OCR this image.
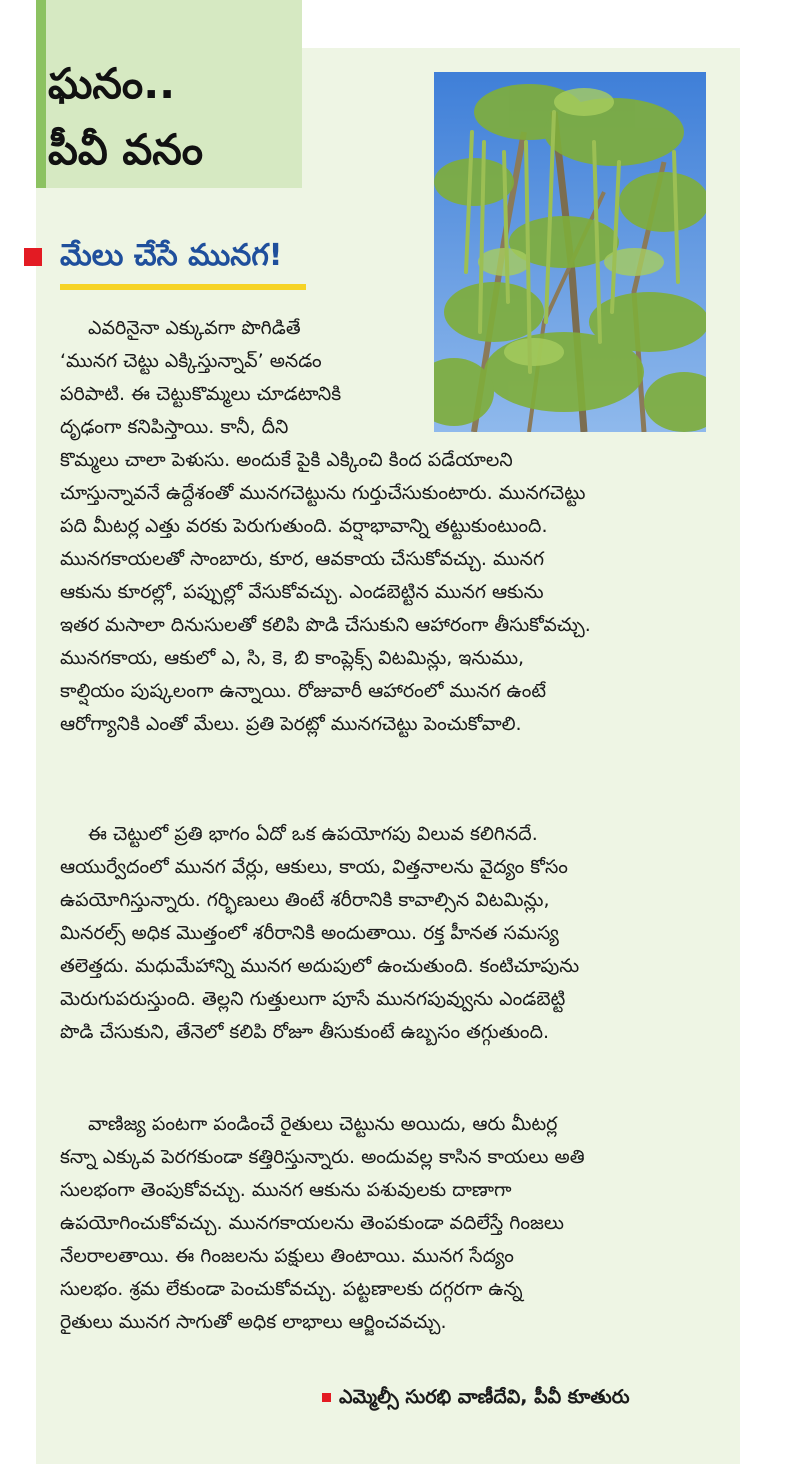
ఘనం..
పీవీ వనం
మేలు చేసే మునగ!
ఎవరినైనా ఎక్కువగా పొగిడితే
‘మునగ చెట్టు ఎక్కిస్తున్నావ్’ అనడం
పరిపాటి. ఈ చెట్టుకొమ్మలు చూడటానికి
దృఢంగా కనిపిస్తాయి. కానీ, దీని
కొమ్మలు చాలా పెళుసు. అందుకే పైకి ఎక్కించి కింద పడేయాలని
చూస్తున్నావనే ఉద్దేశంతో మునగచెట్టును గుర్తుచేసుకుంటారు. మునగచెట్టు
పది మీటర్ల ఎత్తు వరకు పెరుగుతుంది. వర్షాభావాన్ని తట్టుకుంటుంది.
మునగకాయలతో సాంబారు, కూర, ఆవకాయ చేసుకోవచ్చు. మునగ
ఆకును కూరల్లో, పప్పుల్లో వేసుకోవచ్చు. ఎండబెట్టిన మునగ ఆకును
ఇతర మసాలా దినుసులతో కలిపి పొడి చేసుకుని ఆహారంగా తీసుకోవచ్చు.
మునగకాయ, ఆకులో ఎ, సి, కె, బి కాంప్లెక్స్ విటమిన్లు, ఇనుము,
కాల్షియం పుష్కలంగా ఉన్నాయి. రోజువారీ ఆహారంలో మునగ ఉంటే
ఆరోగ్యానికి ఎంతో మేలు. ప్రతి పెరట్లో మునగచెట్టు పెంచుకోవాలి.
ఈ చెట్టులో ప్రతి భాగం ఏదో ఒక ఉపయోగపు విలువ కలిగినదే.
ఆయుర్వేదంలో మునగ వేర్లు, ఆకులు, కాయ, విత్తనాలను వైద్యం కోసం
ఉపయోగిస్తున్నారు. గర్భిణులు తింటే శరీరానికి కావాల్సిన విటమిన్లు,
మినరల్స్ అధిక మొత్తంలో శరీరానికి అందుతాయి. రక్త హీనత సమస్య
తలెత్తదు. మధుమేహాన్ని మునగ అదుపులో ఉంచుతుంది. కంటిచూపును
మెరుగుపరుస్తుంది. తెల్లని గుత్తులుగా పూసే మునగపువ్వును ఎండబెట్టి
పొడి చేసుకుని, తేనెలో కలిపి రోజూ తీసుకుంటే ఉబ్బసం తగ్గుతుంది.
వాణిజ్య పంటగా పండించే రైతులు చెట్టును అయిదు, ఆరు మీటర్ల
కన్నా ఎక్కువ పెరగకుండా కత్తిరిస్తున్నారు. అందువల్ల కాసిన కాయలు అతి
సులభంగా తెంపుకోవచ్చు. మునగ ఆకును పశువులకు దాణాగా
ఉపయోగించుకోవచ్చు. మునగకాయలను తెంపకుండా వదిలేస్తే గింజలు
నేలరాలతాయి. ఈ గింజలను పక్షులు తింటాయి. మునగ సేద్యం
సులభం. శ్రమ లేకుండా పెంచుకోవచ్చు. పట్టణాలకు దగ్గరగా ఉన్న
రైతులు మునగ సాగుతో అధిక లాభాలు ఆర్జించవచ్చు.
ఎమ్మెల్సీ సురభి వాణీదేవి, పీవీ కూతురు
